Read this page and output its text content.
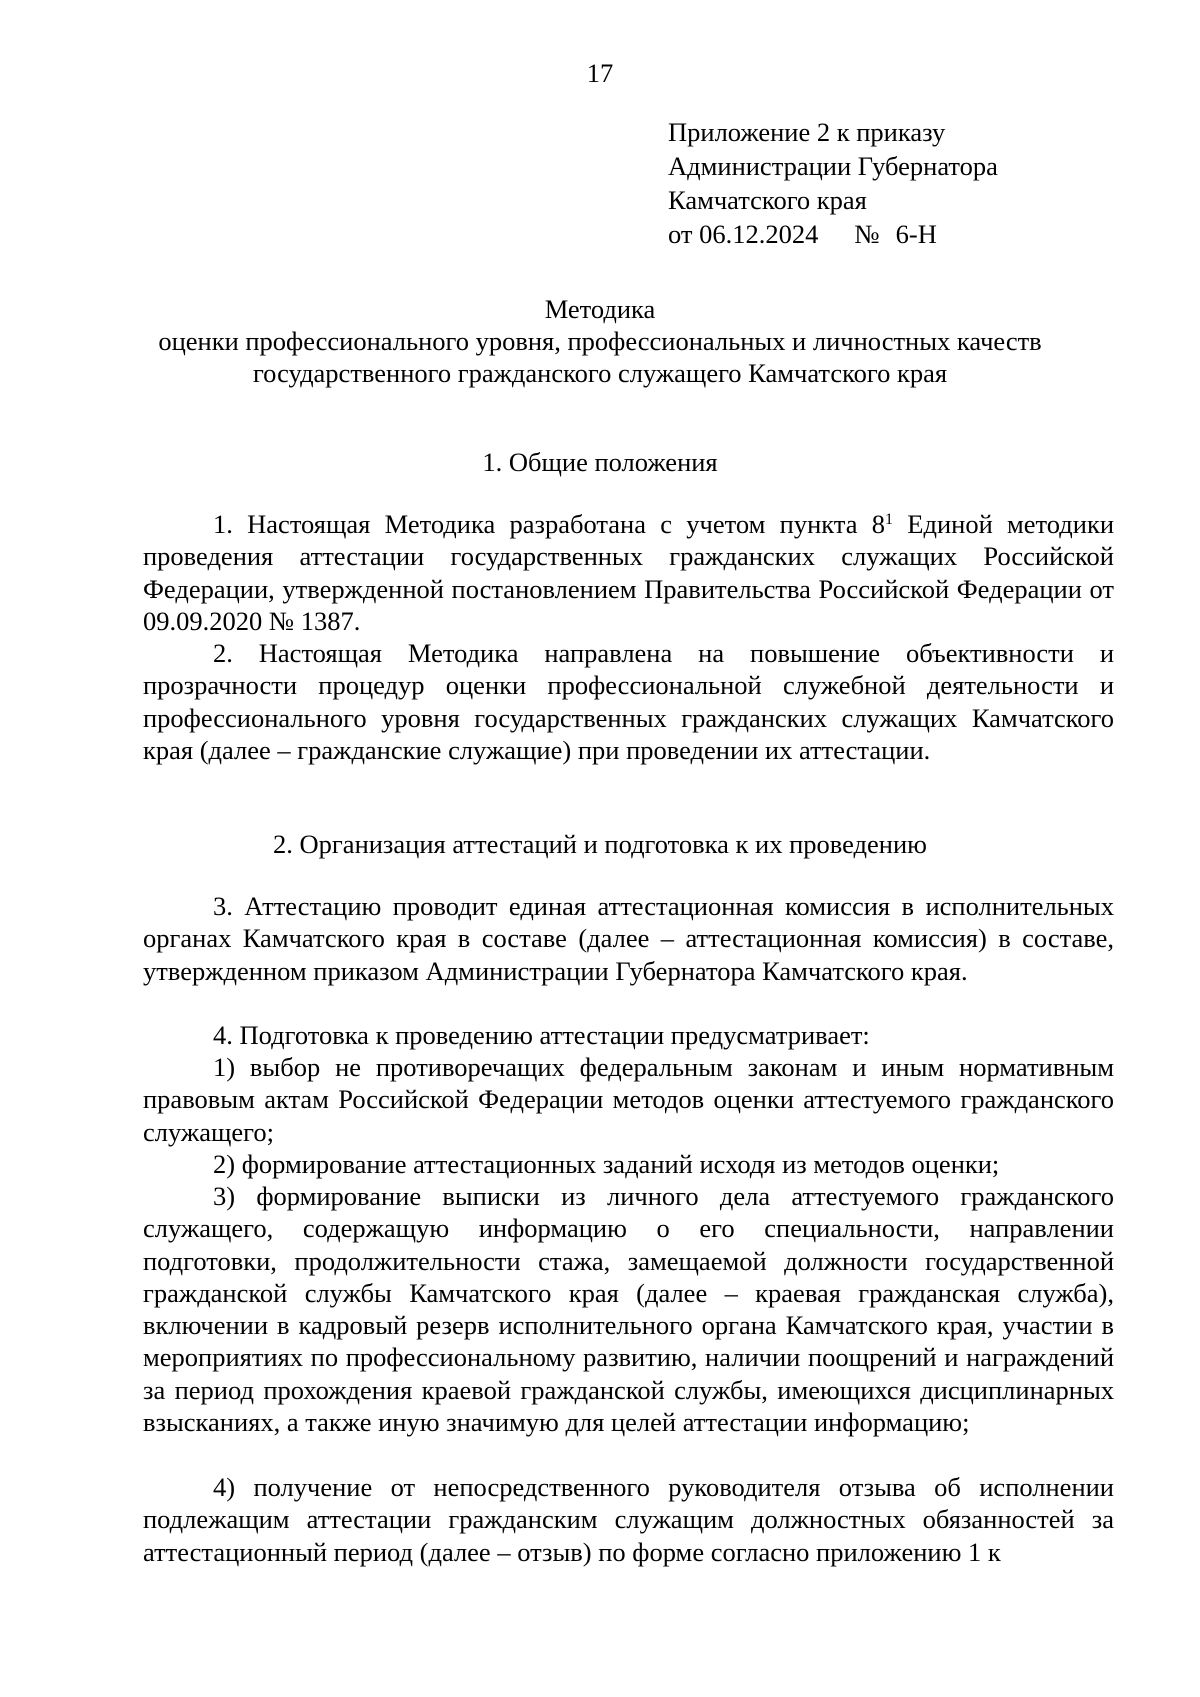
17
Приложение 2 к приказу
Администрации Губернатора
Камчатского края
от 06.12.2024 № 6-Н
Методика
оценки профессионального уровня, профессиональных и личностных качеств
государственного гражданского служащего Камчатского края
1. Общие положения
1. Настоящая Методика разработана с учетом пункта $8^1$ Единой методики проведения аттестации государственных гражданских служащих Российской Федерации, утвержденной постановлением Правительства Российской Федерации от 09.09.2020 № 1387.
2. Настоящая Методика направлена на повышение объективности и прозрачности процедур оценки профессиональной служебной деятельности и профессионального уровня государственных гражданских служащих Камчатского края (далее – гражданские служащие) при проведении их аттестации.
2. Организация аттестаций и подготовка к их проведению
3. Аттестацию проводит единая аттестационная комиссия в исполнительных органах Камчатского края в составе (далее – аттестационная комиссия) в составе, утвержденном приказом Администрации Губернатора Камчатского края.
4. Подготовка к проведению аттестации предусматривает:
1) выбор не противоречащих федеральным законам и иным нормативным правовым актам Российской Федерации методов оценки аттестуемого гражданского служащего;
2) формирование аттестационных заданий исходя из методов оценки;
3) формирование выписки из личного дела аттестуемого гражданского служащего, содержащую информацию о его специальности, направлении подготовки, продолжительности стажа, замещаемой должности государственной гражданской службы Камчатского края (далее – краевая гражданская служба), включении в кадровый резерв исполнительного органа Камчатского края, участии в мероприятиях по профессиональному развитию, наличии поощрений и награждений за период прохождения краевой гражданской службы, имеющихся дисциплинарных взысканиях, а также иную значимую для целей аттестации информацию;
4) получение от непосредственного руководителя отзыва об исполнении подлежащим аттестации гражданским служащим должностных обязанностей за аттестационный период (далее – отзыв) по форме согласно приложению 1 к
